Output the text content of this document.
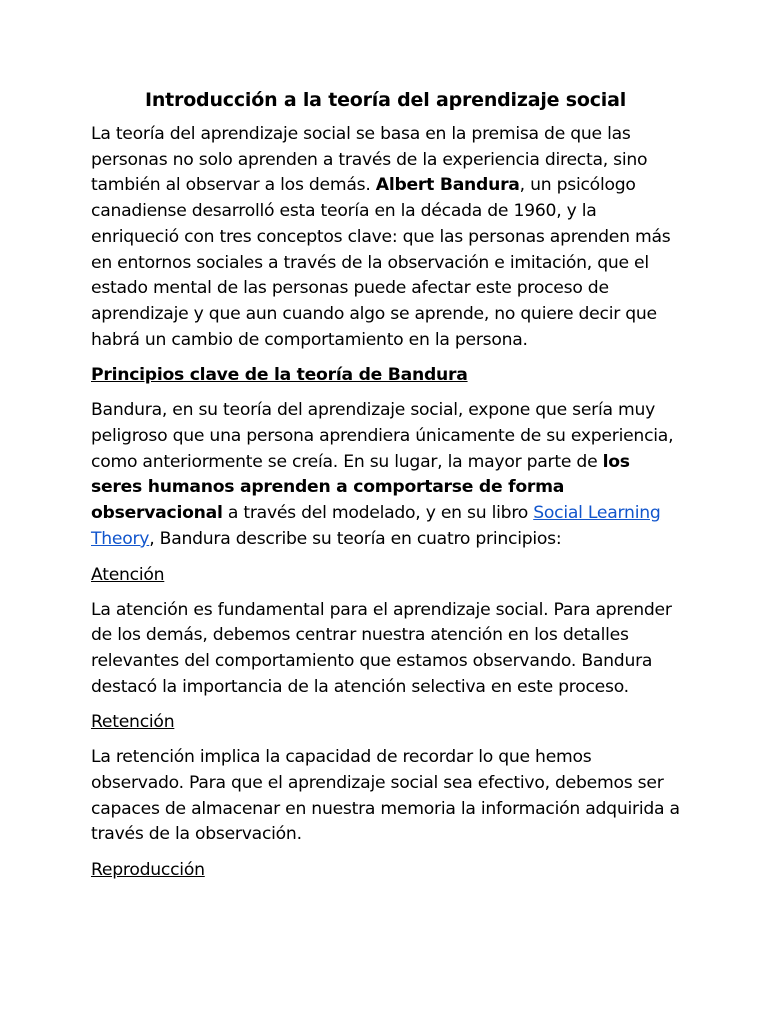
Introducción a la teoría del aprendizaje social

La teoría del aprendizaje social se basa en la premisa de que las personas no solo aprenden a través de la experiencia directa, sino también al observar a los demás. Albert Bandura, un psicólogo canadiense desarrolló esta teoría en la década de 1960, y la enriqueció con tres conceptos clave: que las personas aprenden más en entornos sociales a través de la observación e imitación, que el estado mental de las personas puede afectar este proceso de aprendizaje y que aun cuando algo se aprende, no quiere decir que habrá un cambio de comportamiento en la persona.

Principios clave de la teoría de Bandura

Bandura, en su teoría del aprendizaje social, expone que sería muy peligroso que una persona aprendiera únicamente de su experiencia, como anteriormente se creía. En su lugar, la mayor parte de los seres humanos aprenden a comportarse de forma observacional a través del modelado, y en su libro Social Learning Theory, Bandura describe su teoría en cuatro principios:

Atención

La atención es fundamental para el aprendizaje social. Para aprender de los demás, debemos centrar nuestra atención en los detalles relevantes del comportamiento que estamos observando. Bandura destacó la importancia de la atención selectiva en este proceso.

Retención

La retención implica la capacidad de recordar lo que hemos observado. Para que el aprendizaje social sea efectivo, debemos ser capaces de almacenar en nuestra memoria la información adquirida a través de la observación.

Reproducción
